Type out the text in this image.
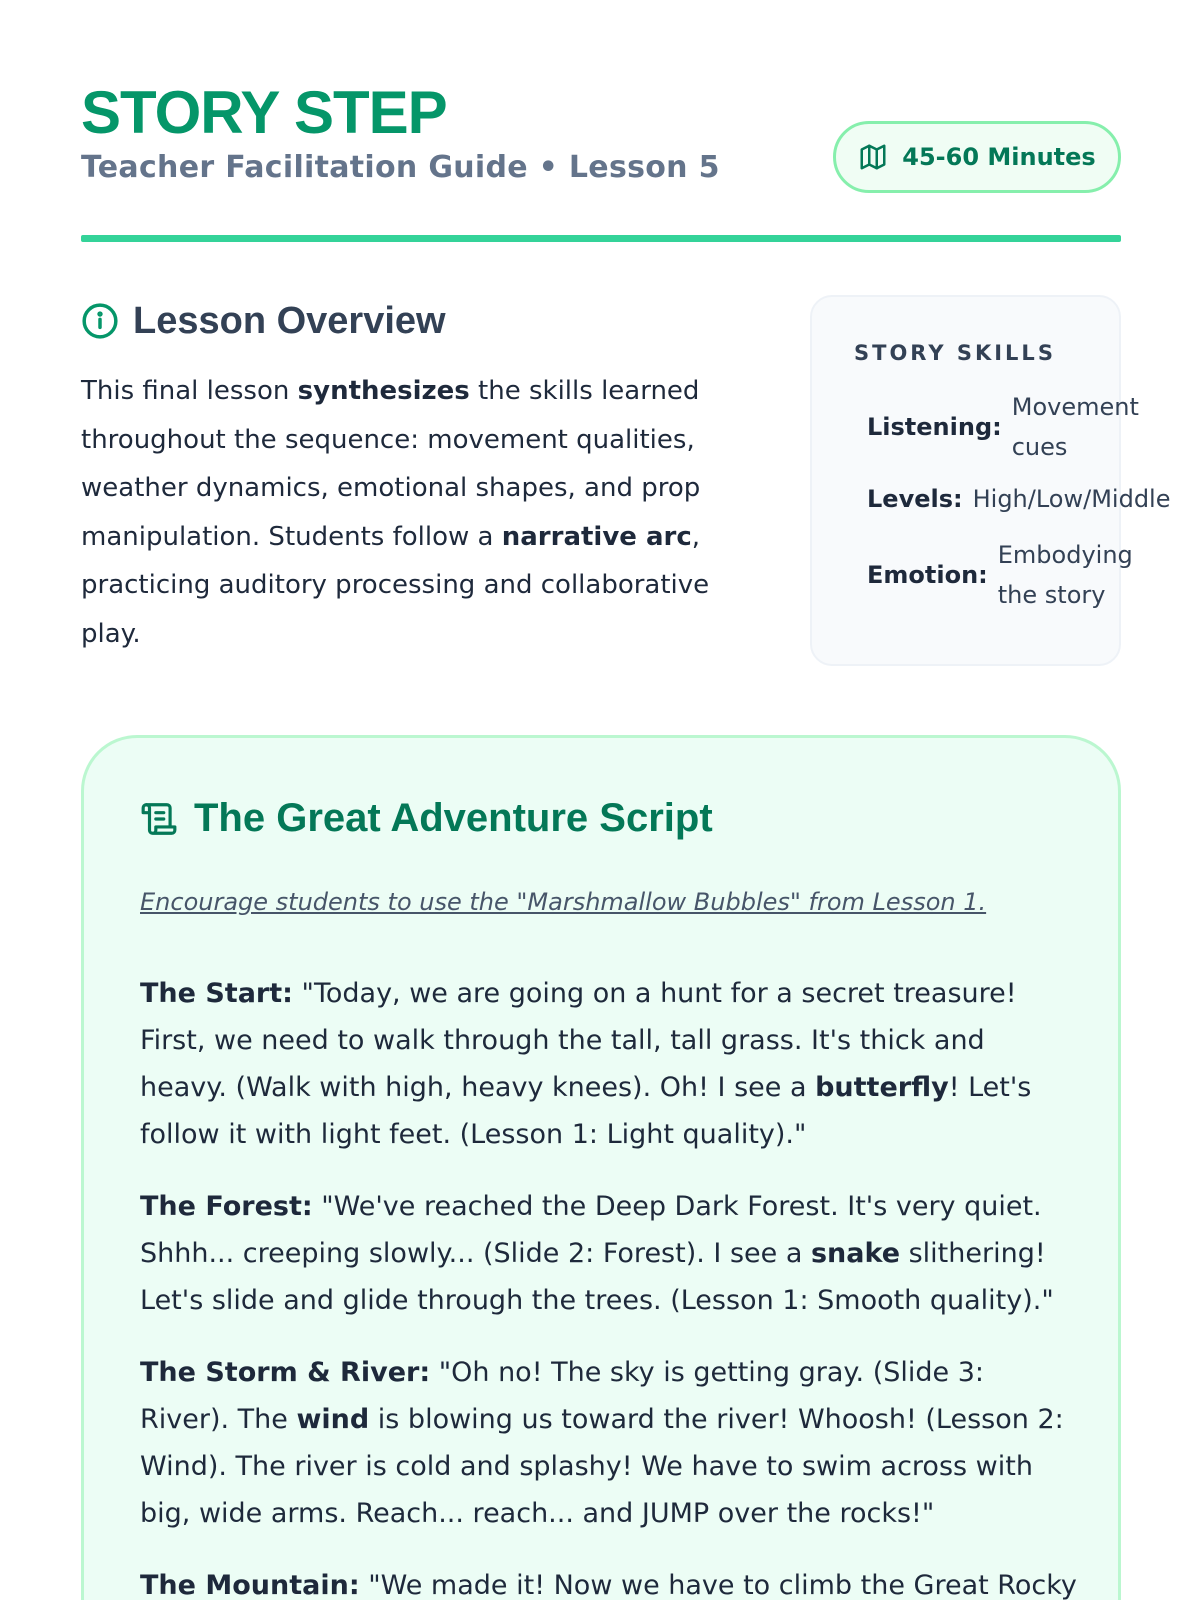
STORY STEP
Teacher Facilitation Guide • Lesson 5	45-60 Minutes
Lesson Overview

This final lesson synthesizes the skills learned throughout the sequence: movement qualities, weather dynamics, emotional shapes, and prop manipulation. Students follow a narrative arc, practicing auditory processing and collaborative play.

STORY SKILLS
Listening:
Movement cues
Levels: High/Low/Middle
Emotion:
Embodying the story
The Great Adventure Script
Encourage students to use the "Marshmallow Bubbles" from Lesson 1.

The Start: "Today, we are going on a hunt for a secret treasure! First, we need to walk through the tall, tall grass. It's thick and heavy. (Walk with high, heavy knees). Oh! I see a butterfly! Let's follow it with light feet. (Lesson 1: Light quality)."

The Forest: "We've reached the Deep Dark Forest. It's very quiet. Shhh... creeping slowly... (Slide 2: Forest). I see a snake slithering! Let's slide and glide through the trees. (Lesson 1: Smooth quality)."

The Storm & River: "Oh no! The sky is getting gray. (Slide 3: River). The wind is blowing us toward the river! Whoosh! (Lesson 2: Wind). The river is cold and splashy! We have to swim across with big, wide arms. Reach... reach... and JUMP over the rocks!"

The Mountain: "We made it! Now we have to climb the Great Rocky
